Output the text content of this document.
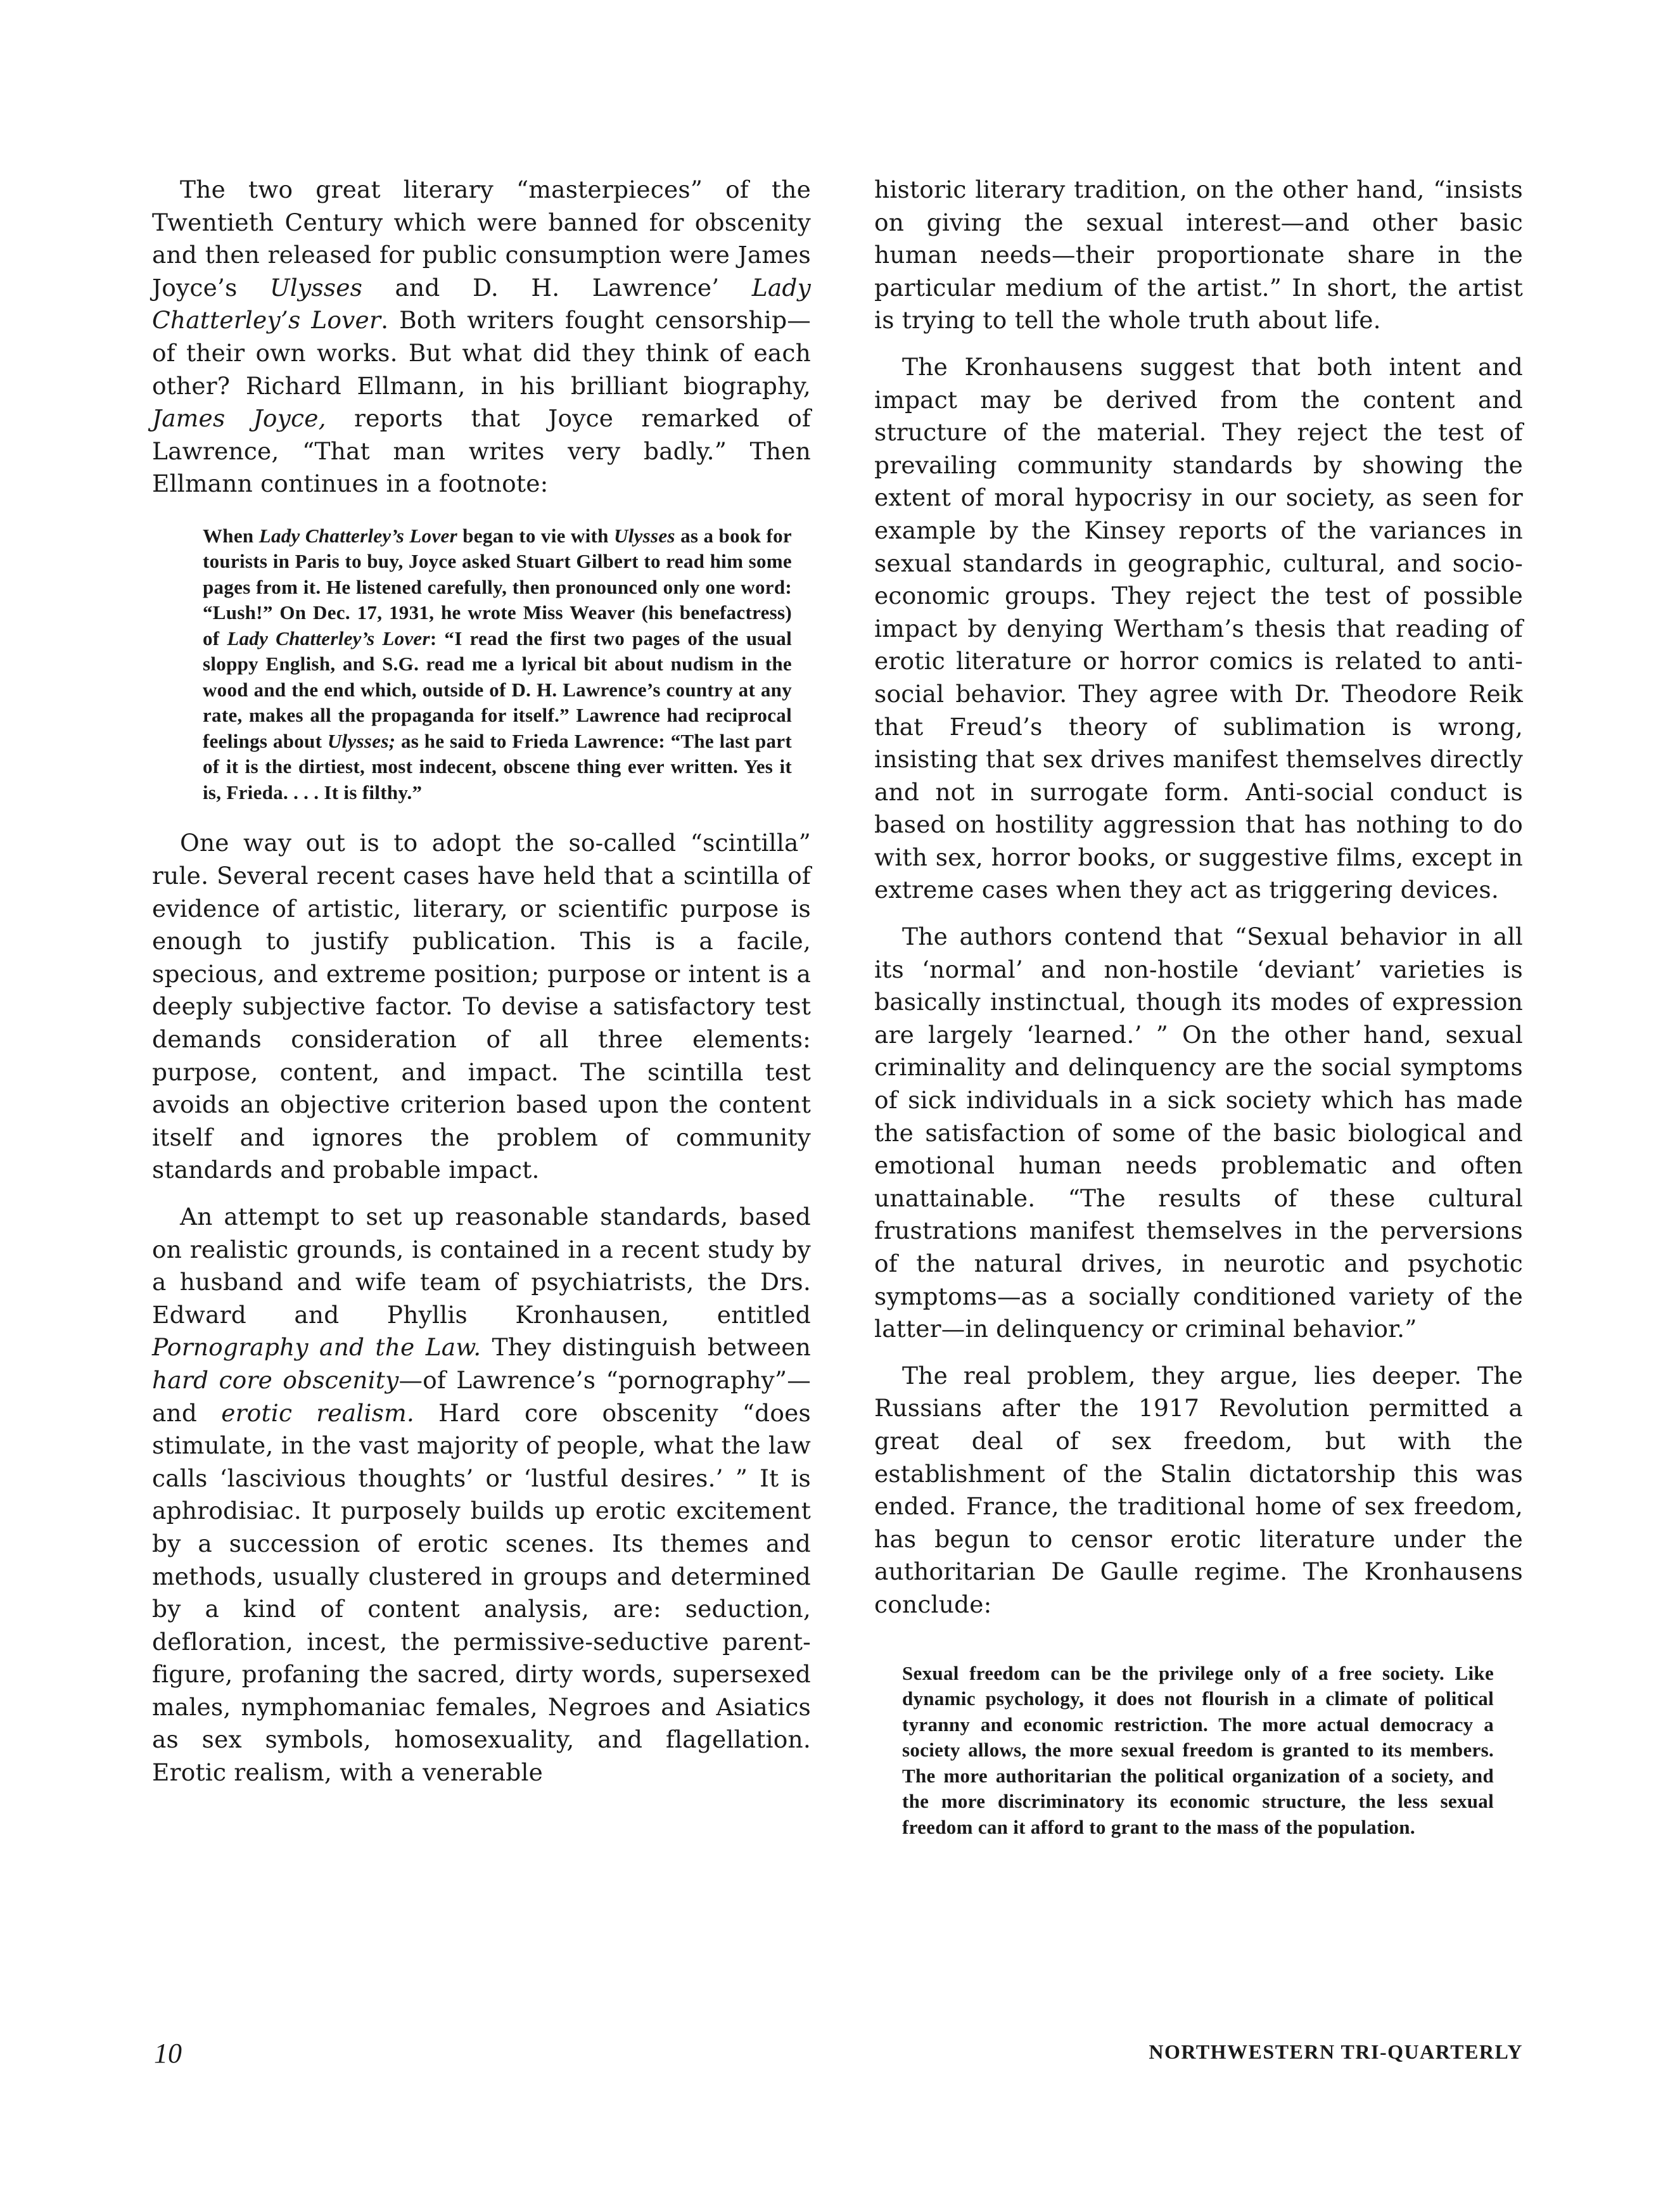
The two great literary “masterpieces” of the Twentieth Century which were banned for obscenity and then released for public consumption were James Joyce’s Ulysses and D. H. Lawrence’ Lady Chatterley’s Lover. Both writers fought censorship—of their own works. But what did they think of each other? Richard Ellmann, in his brilliant biography, James Joyce, reports that Joyce remarked of Lawrence, “That man writes very badly.” Then Ellmann continues in a footnote:

When Lady Chatterley’s Lover began to vie with Ulysses as a book for tourists in Paris to buy, Joyce asked Stuart Gilbert to read him some pages from it. He listened carefully, then pronounced only one word: “Lush!” On Dec. 17, 1931, he wrote Miss Weaver (his benefactress) of Lady Chatterley’s Lover: “I read the first two pages of the usual sloppy English, and S.G. read me a lyrical bit about nudism in the wood and the end which, outside of D. H. Lawrence’s country at any rate, makes all the propaganda for itself.” Lawrence had reciprocal feelings about Ulysses; as he said to Frieda Lawrence: “The last part of it is the dirtiest, most indecent, obscene thing ever written. Yes it is, Frieda. . . . It is filthy.”

One way out is to adopt the so-called “scintilla” rule. Several recent cases have held that a scintilla of evidence of artistic, literary, or scientific purpose is enough to justify publication. This is a facile, specious, and extreme position; purpose or intent is a deeply subjective factor. To devise a satisfactory test demands consideration of all three elements: purpose, content, and impact. The scintilla test avoids an objective criterion based upon the content itself and ignores the problem of community standards and probable impact.

An attempt to set up reasonable standards, based on realistic grounds, is contained in a recent study by a husband and wife team of psychiatrists, the Drs. Edward and Phyllis Kronhausen, entitled Pornography and the Law. They distinguish between hard core obscenity—of Lawrence’s “pornography”—and erotic realism. Hard core obscenity “does stimulate, in the vast majority of people, what the law calls ‘lascivious thoughts’ or ‘lustful desires.’ ” It is aphrodisiac. It purposely builds up erotic excitement by a succession of erotic scenes. Its themes and methods, usually clustered in groups and determined by a kind of content analysis, are: seduction, defloration, incest, the permissive-seductive parent-figure, profaning the sacred, dirty words, supersexed males, nymphomaniac females, Negroes and Asiatics as sex symbols, homosexuality, and flagellation. Erotic realism, with a venerable

historic literary tradition, on the other hand, “insists on giving the sexual interest—and other basic human needs—their proportionate share in the particular medium of the artist.” In short, the artist is trying to tell the whole truth about life.

The Kronhausens suggest that both intent and impact may be derived from the content and structure of the material. They reject the test of prevailing community standards by showing the extent of moral hypocrisy in our society, as seen for example by the Kinsey reports of the variances in sexual standards in geographic, cultural, and socio-economic groups. They reject the test of possible impact by denying Wertham’s thesis that reading of erotic literature or horror comics is related to anti-social behavior. They agree with Dr. Theodore Reik that Freud’s theory of sublimation is wrong, insisting that sex drives manifest themselves directly and not in surrogate form. Anti-social conduct is based on hostility aggression that has nothing to do with sex, horror books, or suggestive films, except in extreme cases when they act as triggering devices.

The authors contend that “Sexual behavior in all its ‘normal’ and non-hostile ‘deviant’ varieties is basically instinctual, though its modes of expression are largely ‘learned.’ ” On the other hand, sexual criminality and delinquency are the social symptoms of sick individuals in a sick society which has made the satisfaction of some of the basic biological and emotional human needs problematic and often unattainable. “The results of these cultural frustrations manifest themselves in the perversions of the natural drives, in neurotic and psychotic symptoms—as a socially conditioned variety of the latter—in delinquency or criminal behavior.”

The real problem, they argue, lies deeper. The Russians after the 1917 Revolution permitted a great deal of sex freedom, but with the establishment of the Stalin dictatorship this was ended. France, the traditional home of sex freedom, has begun to censor erotic literature under the authoritarian De Gaulle regime. The Kronhausens conclude:

Sexual freedom can be the privilege only of a free society. Like dynamic psychology, it does not flourish in a climate of political tyranny and economic restriction. The more actual democracy a society allows, the more sexual freedom is granted to its members. The more authoritarian the political organization of a society, and the more discriminatory its economic structure, the less sexual freedom can it afford to grant to the mass of the population.

10	NORTHWESTERN TRI-QUARTERLY
